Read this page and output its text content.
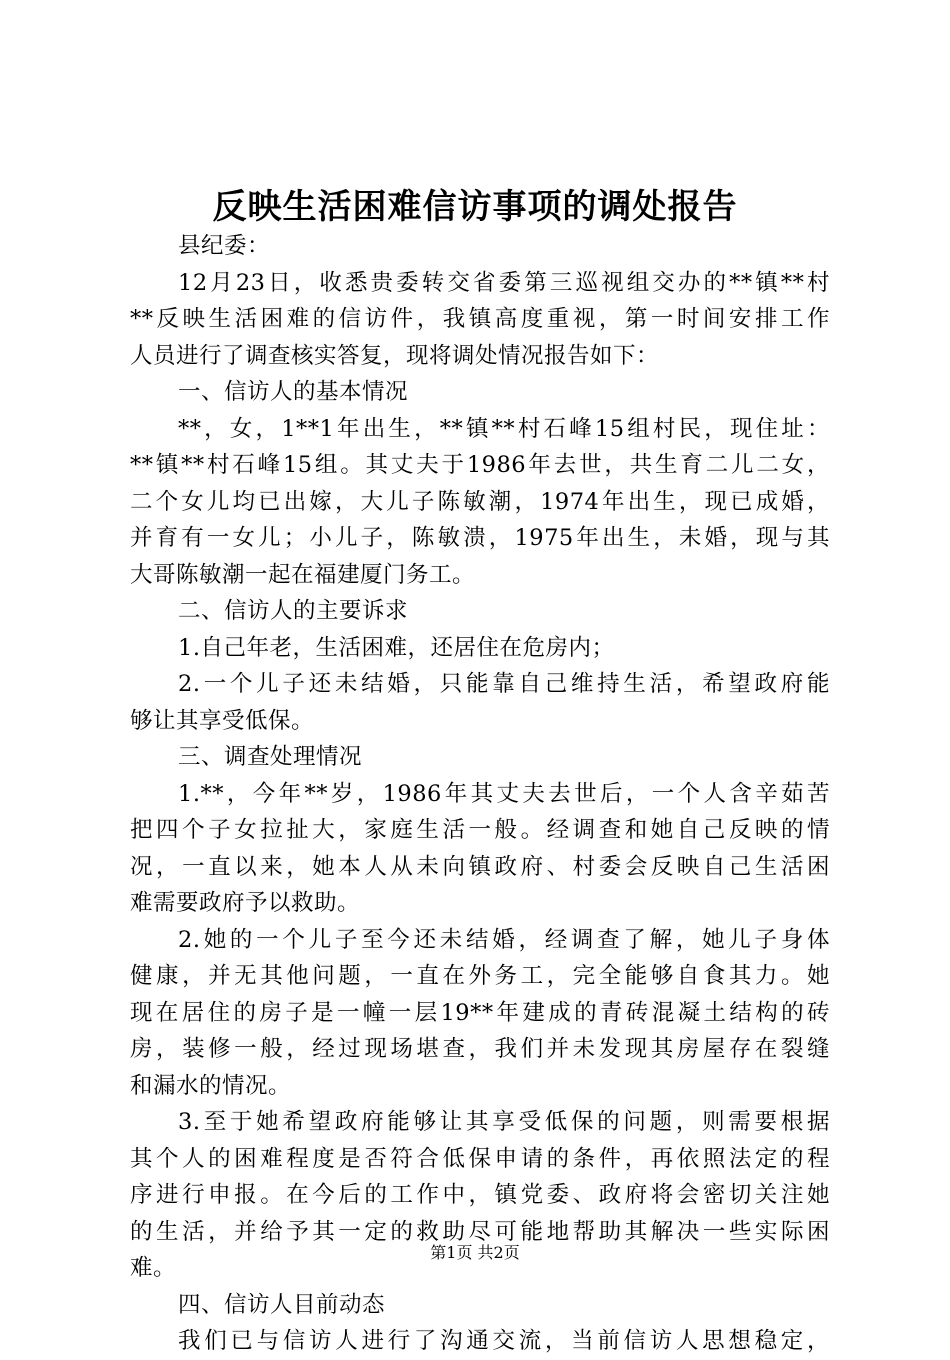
反映生活困难信访事项的调处报告
县纪委：
12月23日，收悉贵委转交省委第三巡视组交办的**镇**村
**反映生活困难的信访件，我镇高度重视，第一时间安排工作
人员进行了调查核实答复，现将调处情况报告如下：
一、信访人的基本情况
**，女，1**1年出生，**镇**村石峰15组村民，现住址：
**镇**村石峰15组。其丈夫于1986年去世，共生育二儿二女，
二个女儿均已出嫁，大儿子陈敏潮，1974年出生，现已成婚，
并育有一女儿；小儿子，陈敏溃，1975年出生，未婚，现与其
大哥陈敏潮一起在福建厦门务工。
二、信访人的主要诉求
1.自己年老，生活困难，还居住在危房内；
2.一个儿子还未结婚，只能靠自己维持生活，希望政府能
够让其享受低保。
三、调查处理情况
1.**，今年**岁，1986年其丈夫去世后，一个人含辛茹苦
把四个子女拉扯大，家庭生活一般。经调查和她自己反映的情
况，一直以来，她本人从未向镇政府、村委会反映自己生活困
难需要政府予以救助。
2.她的一个儿子至今还未结婚，经调查了解，她儿子身体
健康，并无其他问题，一直在外务工，完全能够自食其力。她
现在居住的房子是一幢一层19**年建成的青砖混凝土结构的砖
房，装修一般，经过现场堪查，我们并未发现其房屋存在裂缝
和漏水的情况。
3.至于她希望政府能够让其享受低保的问题，则需要根据
其个人的困难程度是否符合低保申请的条件，再依照法定的程
序进行申报。在今后的工作中，镇党委、政府将会密切关注她
的生活，并给予其一定的救助尽可能地帮助其解决一些实际困
难。
四、信访人目前动态
我们已与信访人进行了沟通交流，当前信访人思想稳定，
第1页 共2页
